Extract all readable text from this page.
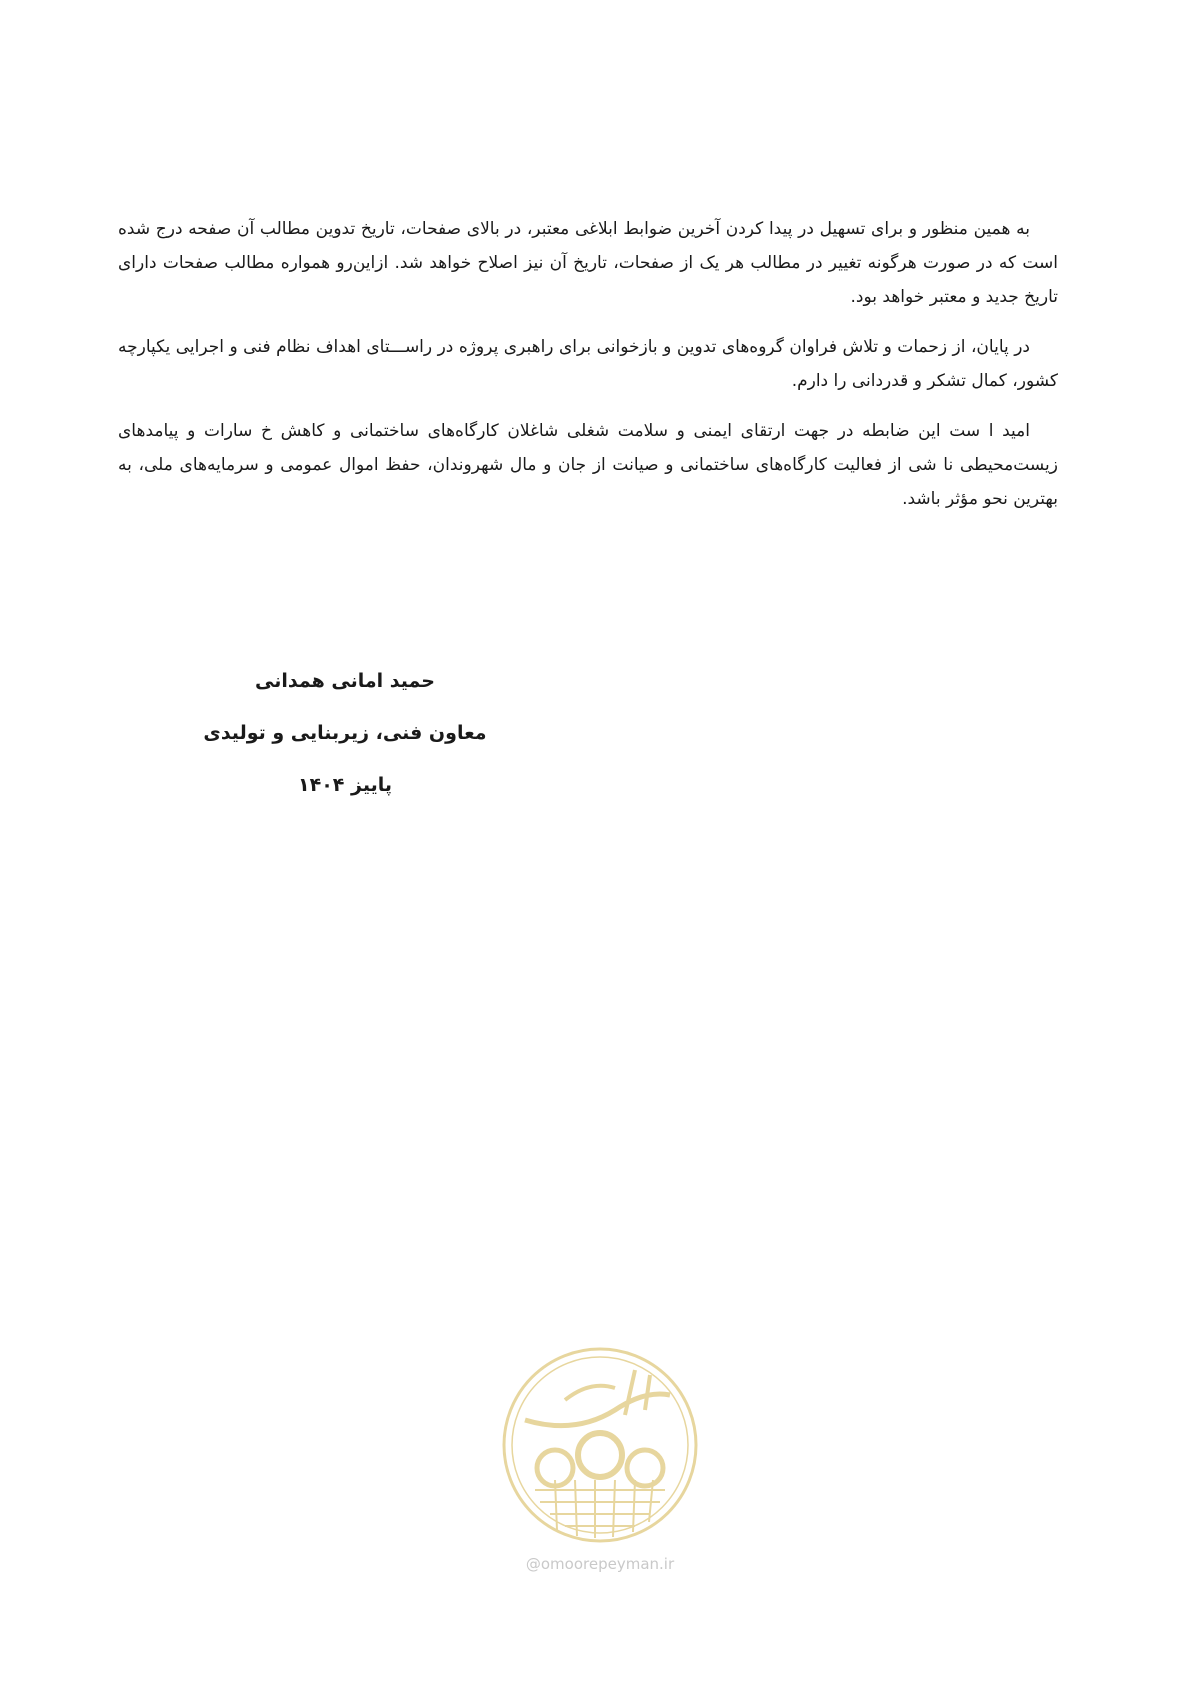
به همین منظور و برای تسهیل در پیدا کردن آخرین ضوابط ابلاغی معتبر، در بالای صفحات، تاریخ تدوین مطالب آن صفحه درج شده است که در صورت هرگونه تغییر در مطالب هر یک از صفحات، تاریخ آن نیز اصلاح خواهد شد. ازاین‌رو همواره مطالب صفحات دارای تاریخ جدید و معتبر خواهد بود.

در پایان، از زحمات و تلاش فراوان گروه‌های تدوین و بازخوانی برای راهبری پروژه در راســـتای اهداف نظام فنی و اجرایی یکپارچه کشور، کمال تشکر و قدردانی را دارم.

امید ا ست این ضابطه در جهت ارتقای ایمنی و سلامت شغلی شاغلان کارگاه‌های ساختمانی و کاهش خ سارات و پیامدهای زیست‌محیطی نا شی از فعالیت کارگاه‌های ساختمانی و صیانت از جان و مال شهروندان، حفظ اموال عمومی و سرمایه‌های ملی، به بهترین نحو مؤثر باشد.

حمید امانی همدانی
معاون فنی، زیربنایی و تولیدی
پاییز ۱۴۰۴
@omoorepeyman.ir
